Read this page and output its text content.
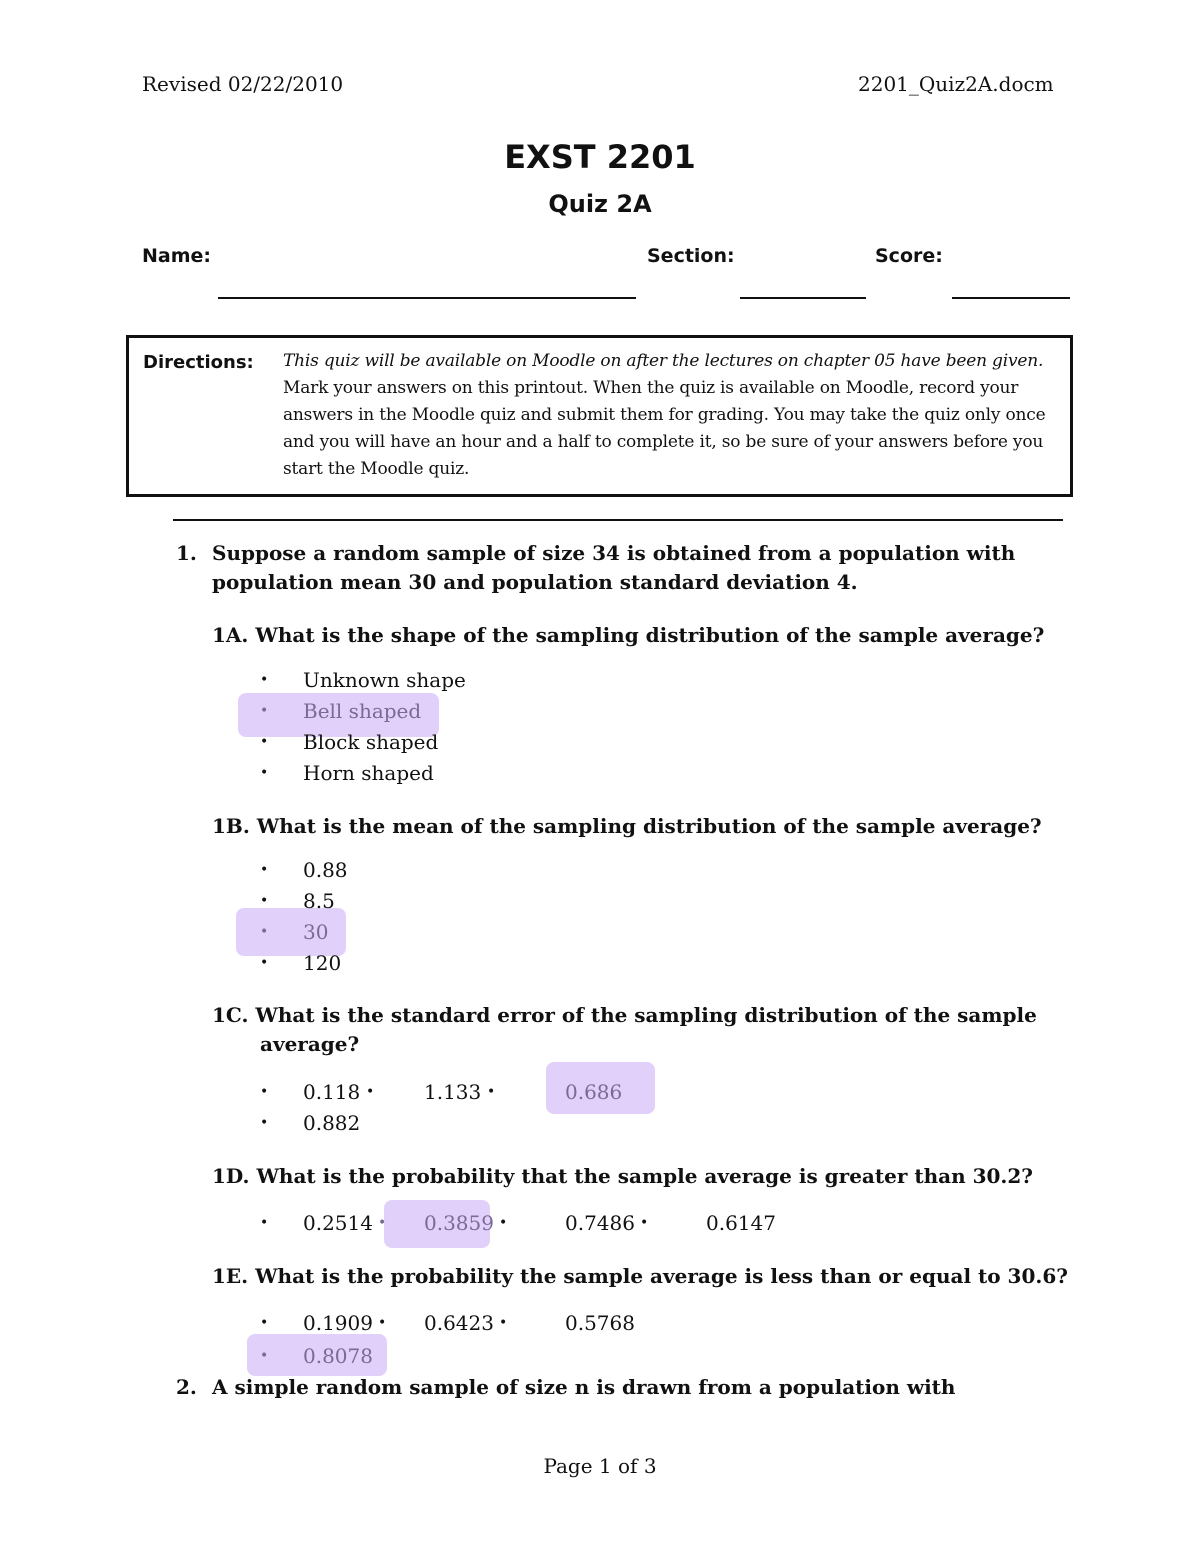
Revised 02/22/2010	2201_Quiz2A.docm
EXST 2201
Quiz 2A
Name:	Section:	Score:
Directions: This quiz will be available on Moodle on after the lectures on chapter 05 have been given. Mark your answers on this printout. When the quiz is available on Moodle, record your answers in the Moodle quiz and submit them for grading. You may take the quiz only once and you will have an hour and a half to complete it, so be sure of your answers before you start the Moodle quiz.
1. Suppose a random sample of size 34 is obtained from a population with
population mean 30 and population standard deviation 4.
1A. What is the shape of the sampling distribution of the sample average?
• Unknown shape
• Bell shaped
• Block shaped
• Horn shaped
1B. What is the mean of the sampling distribution of the sample average?
• 0.88
• 8.5
• 30
• 120
1C. What is the standard error of the sampling distribution of the sample
average?
• 0.118 • 1.133 •	0.686
• 0.882
1D. What is the probability that the sample average is greater than 30.2?
• 0.2514 • 0.3859 •	0.7486 •	0.6147
1E. What is the probability the sample average is less than or equal to 30.6?
• 0.1909 • 0.6423 •	0.5768
• 0.8078
2. A simple random sample of size n is drawn from a population with
Page 1 of 3
